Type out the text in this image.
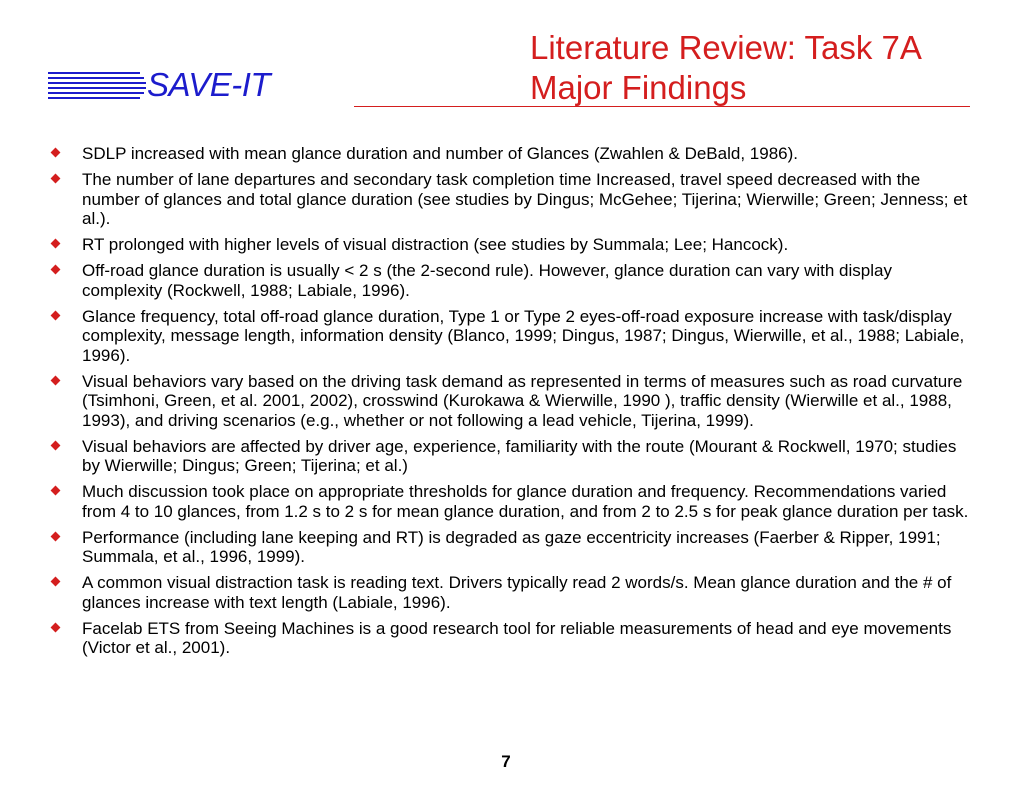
SAVE-IT
Literature Review: Task 7A
Major Findings
SDLP increased with mean glance duration and number of Glances (Zwahlen & DeBald, 1986).
The number of lane departures and secondary task completion time Increased, travel speed decreased with the number of glances and total glance duration (see studies by Dingus; McGehee; Tijerina; Wierwille; Green; Jenness; et al.).
RT prolonged with higher levels of visual distraction (see studies by Summala; Lee; Hancock).
Off-road glance duration is usually < 2 s (the 2-second rule). However, glance duration can vary with display complexity (Rockwell, 1988; Labiale, 1996).
Glance frequency, total off-road glance duration, Type 1 or Type 2 eyes-off-road exposure increase with task/display complexity, message length, information density (Blanco, 1999; Dingus, 1987; Dingus, Wierwille, et al., 1988; Labiale, 1996).
Visual behaviors vary based on the driving task demand as represented in terms of measures such as road curvature (Tsimhoni, Green, et al. 2001, 2002), crosswind (Kurokawa & Wierwille, 1990 ), traffic density (Wierwille et al., 1988, 1993), and driving scenarios (e.g., whether or not following a lead vehicle, Tijerina, 1999).
Visual behaviors are affected by driver age, experience, familiarity with the route (Mourant & Rockwell, 1970; studies by Wierwille; Dingus; Green; Tijerina; et al.)
Much discussion took place on appropriate thresholds for glance duration and frequency. Recommendations varied from 4 to 10 glances, from 1.2 s to 2 s for mean glance duration, and from 2 to 2.5 s for peak glance duration per task.
Performance (including lane keeping and RT) is degraded as gaze eccentricity increases (Faerber & Ripper, 1991; Summala, et al., 1996, 1999).
A common visual distraction task is reading text. Drivers typically read 2 words/s. Mean glance duration and the # of glances increase with text length (Labiale, 1996).
Facelab ETS from Seeing Machines is a good research tool for reliable measurements of head and eye movements (Victor et al., 2001).
7
